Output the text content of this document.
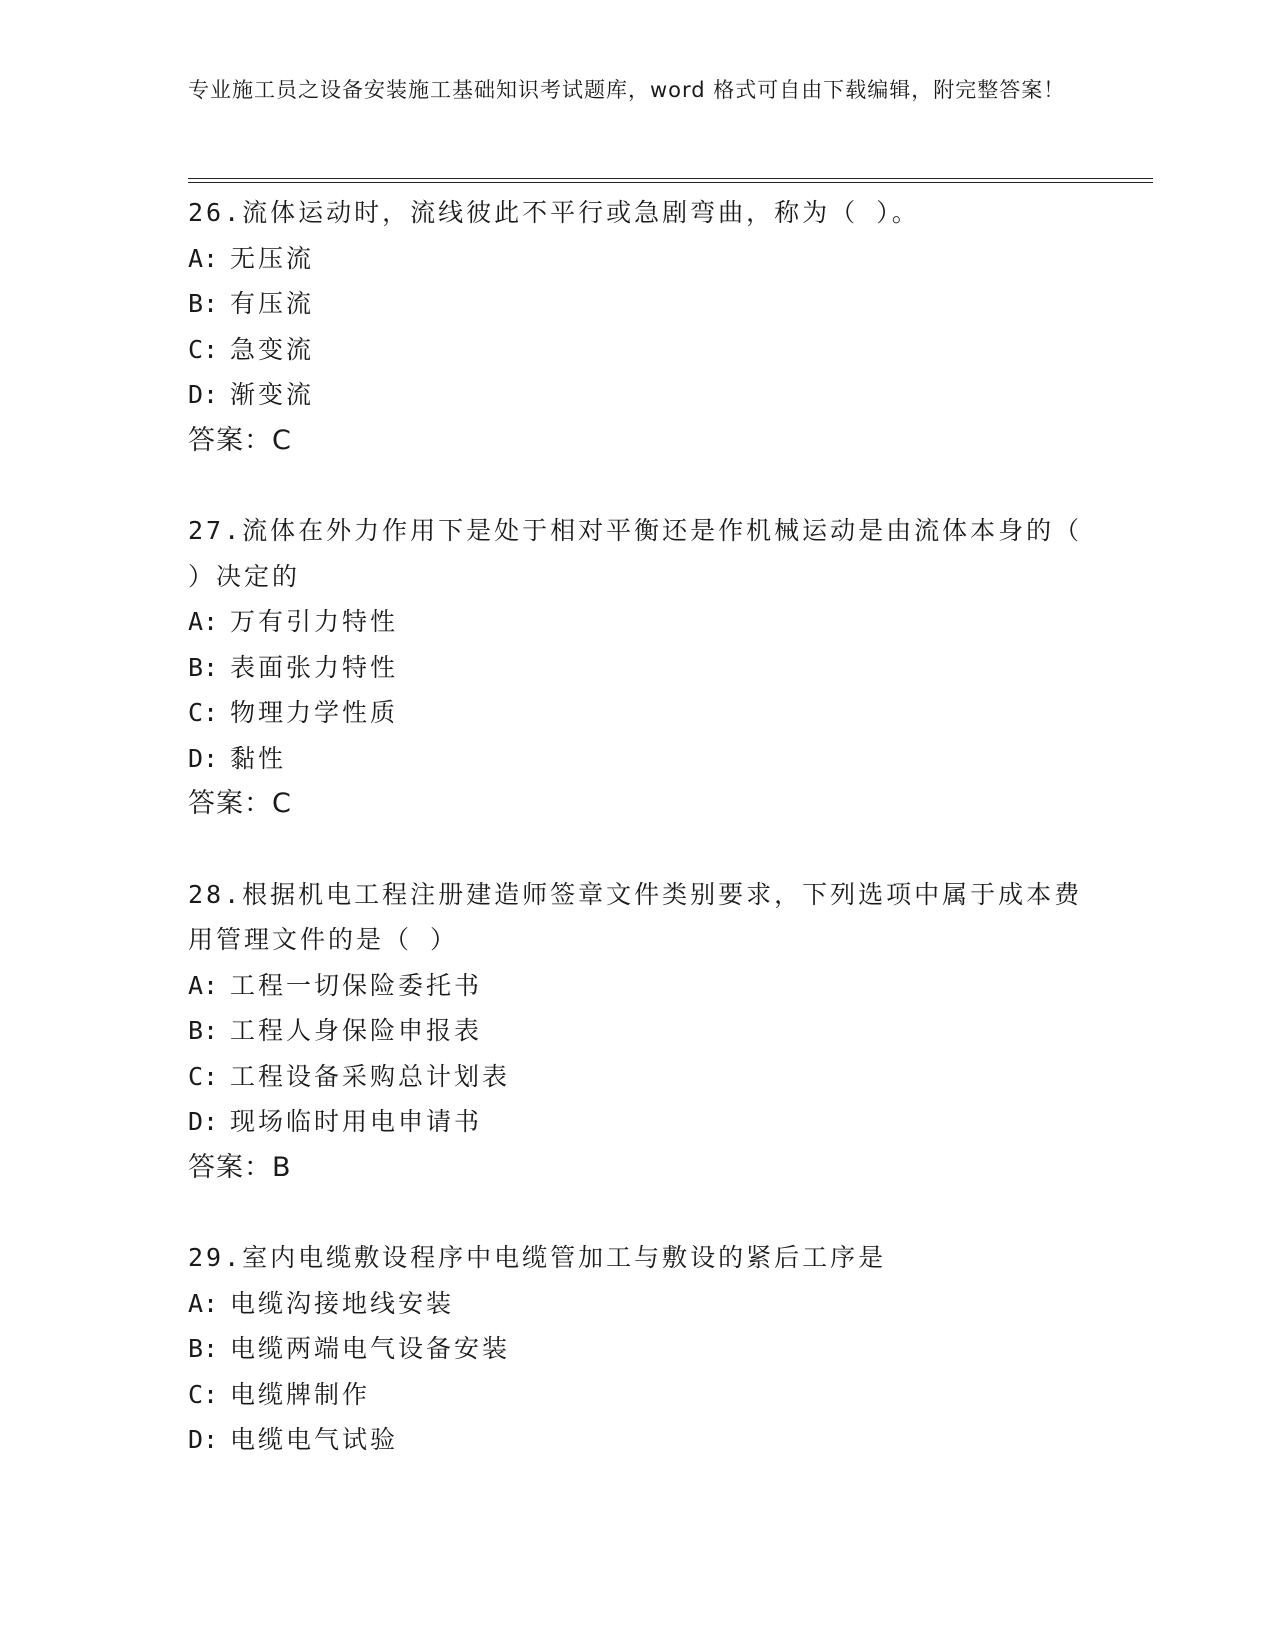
专业施工员之设备安装施工基础知识考试题库，word 格式可自由下载编辑，附完整答案！
26.流体运动时，流线彼此不平行或急剧弯曲，称为（ ）。
A: 无压流
B: 有压流
C: 急变流
D: 渐变流
答案：C
27.流体在外力作用下是处于相对平衡还是作机械运动是由流体本身的（ ）决定的
A: 万有引力特性
B: 表面张力特性
C: 物理力学性质
D: 黏性
答案：C
28.根据机电工程注册建造师签章文件类别要求，下列选项中属于成本费用管理文件的是（ ）
A: 工程一切保险委托书
B: 工程人身保险申报表
C: 工程设备采购总计划表
D: 现场临时用电申请书
答案：B
29.室内电缆敷设程序中电缆管加工与敷设的紧后工序是
A: 电缆沟接地线安装
B: 电缆两端电气设备安装
C: 电缆牌制作
D: 电缆电气试验
